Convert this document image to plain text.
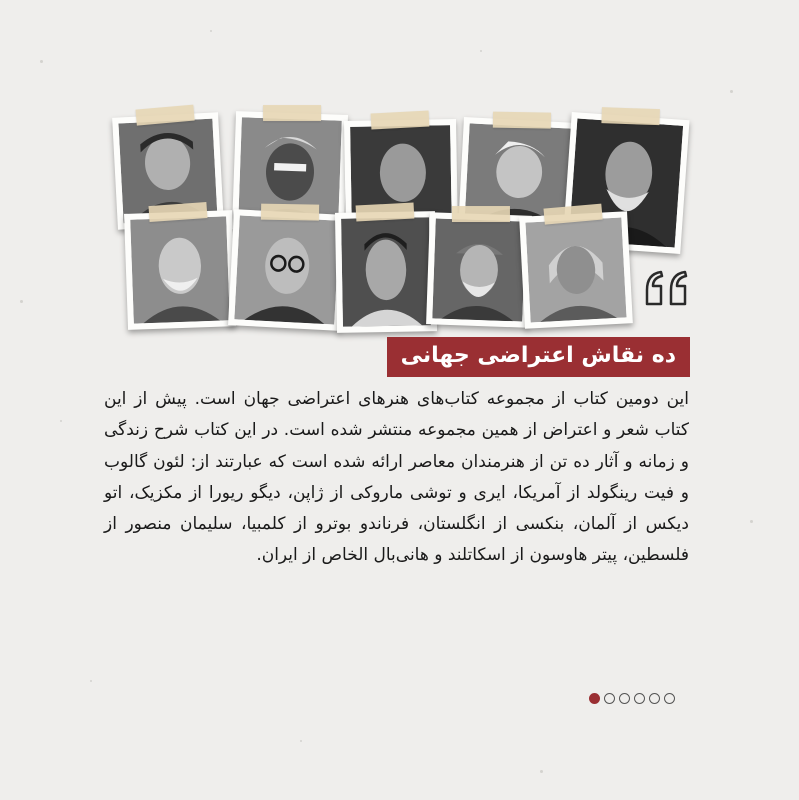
ده نقاش اعتراضی جهانی
این دومین کتاب از مجموعه کتاب‌های هنرهای اعتراضی جهان است. پیش از این کتاب شعر و اعتراض از همین مجموعه منتشر شده است. در این کتاب شرح زندگی و زمانه و آثار ده تن از هنرمندان معاصر ارائه شده است که عبارتند از: لئون گالوب و فیت رینگولد از آمریکا، ایری و توشی ماروکی از ژاپن، دیگو ریورا از مکزیک، اتو دیکس از آلمان، بنکسی از انگلستان، فرناندو بوترو از کلمبیا، سلیمان منصور از فلسطین، پیتر هاوسون از اسکاتلند و هانی‌بال الخاص از ایران.
